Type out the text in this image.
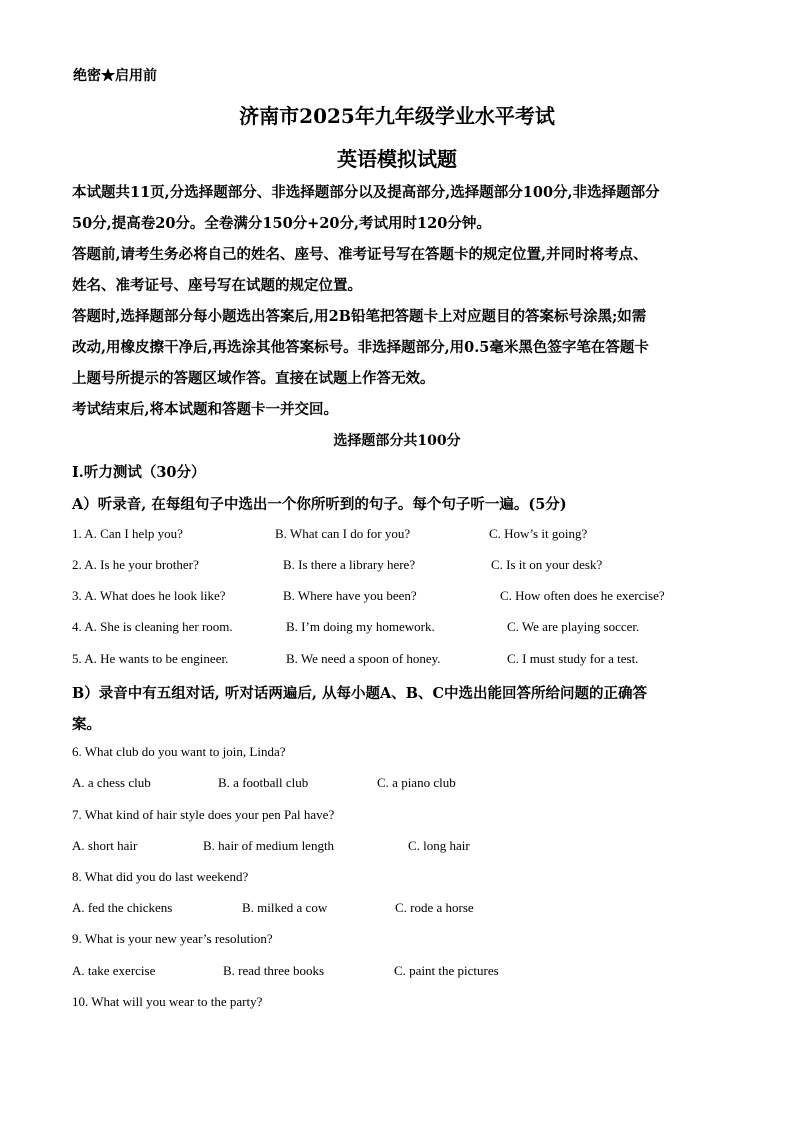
绝密★启用前
济南市2025年九年级学业水平考试
英语模拟试题
本试题共11页,分选择题部分、非选择题部分以及提高部分,选择题部分100分,非选择题部分
50分,提高卷20分。全卷满分150分+20分,考试用时120分钟。
答题前,请考生务必将自己的姓名、座号、准考证号写在答题卡的规定位置,并同时将考点、
姓名、准考证号、座号写在试题的规定位置。
答题时,选择题部分每小题选出答案后,用2B铅笔把答题卡上对应题目的答案标号涂黑;如需
改动,用橡皮擦干净后,再选涂其他答案标号。非选择题部分,用0.5毫米黑色签字笔在答题卡
上题号所提示的答题区域作答。直接在试题上作答无效。
考试结束后,将本试题和答题卡一并交回。
选择题部分共100分
I.听力测试（30分）
A）听录音, 在每组句子中选出一个你所听到的句子。每个句子听一遍。(5分)
1. A. Can I help you?	B. What can I do for you?	C. How’s it going?
2. A. Is he your brother?	B. Is there a library here?	C. Is it on your desk?
3. A. What does he look like?	B. Where have you been?	C. How often does he exercise?
4. A. She is cleaning her room.	B. I’m doing my homework.	C. We are playing soccer.
5. A. He wants to be engineer.	B. We need a spoon of honey.	C. I must study for a test.
B）录音中有五组对话, 听对话两遍后, 从每小题A、B、C中选出能回答所给问题的正确答
案。
6. What club do you want to join, Linda?
A. a chess club	B. a football club	C. a piano club
7. What kind of hair style does your pen Pal have?
A. short hair	B. hair of medium length	C. long hair
8. What did you do last weekend?
A. fed the chickens	B. milked a cow	C. rode a horse
9. What is your new year’s resolution?
A. take exercise	B. read three books	C. paint the pictures
10. What will you wear to the party?
